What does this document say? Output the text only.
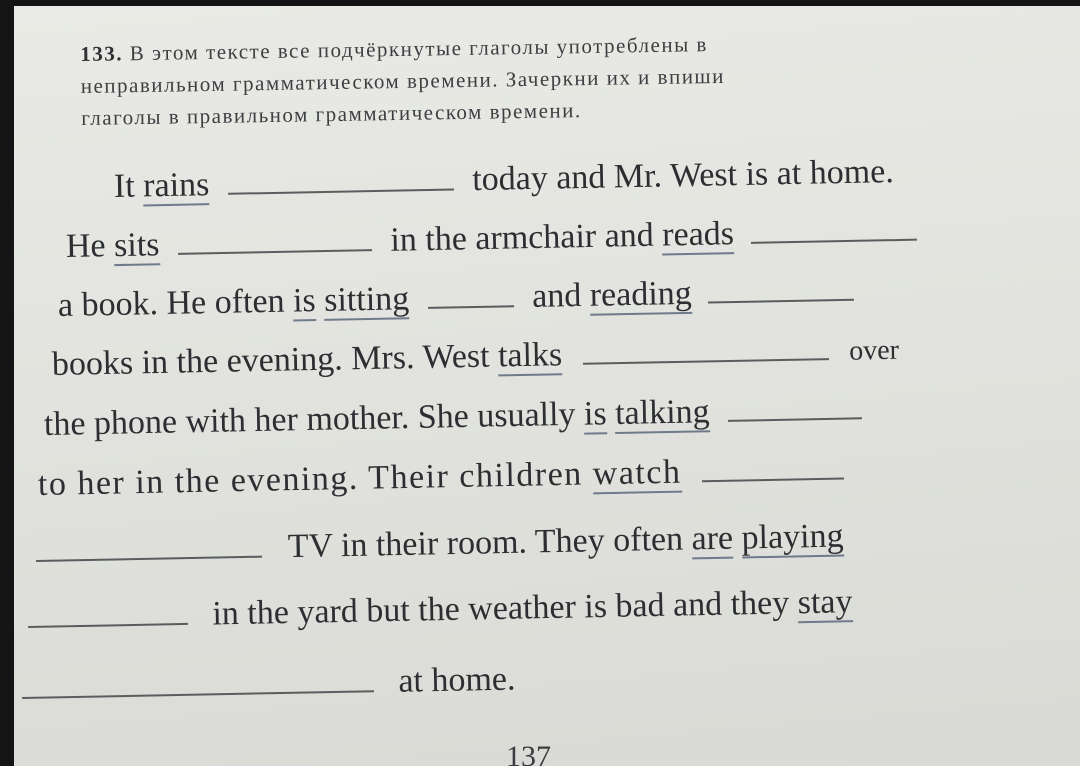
133. В этом тексте все подчёркнутые глаголы употреблены в
неправильном грамматическом времени. Зачеркни их и впиши
глаголы в правильном грамматическом времени.
It rains	today and Mr. West is at home.
He sits	in the armchair and reads
a book. He often is sitting	and reading
books in the evening. Mrs. West talks	over
the phone with her mother. She usually is talking
to her in the evening. Their children watch
TV in their room. They often are playing
in the yard but the weather is bad and they stay
at home.
137
